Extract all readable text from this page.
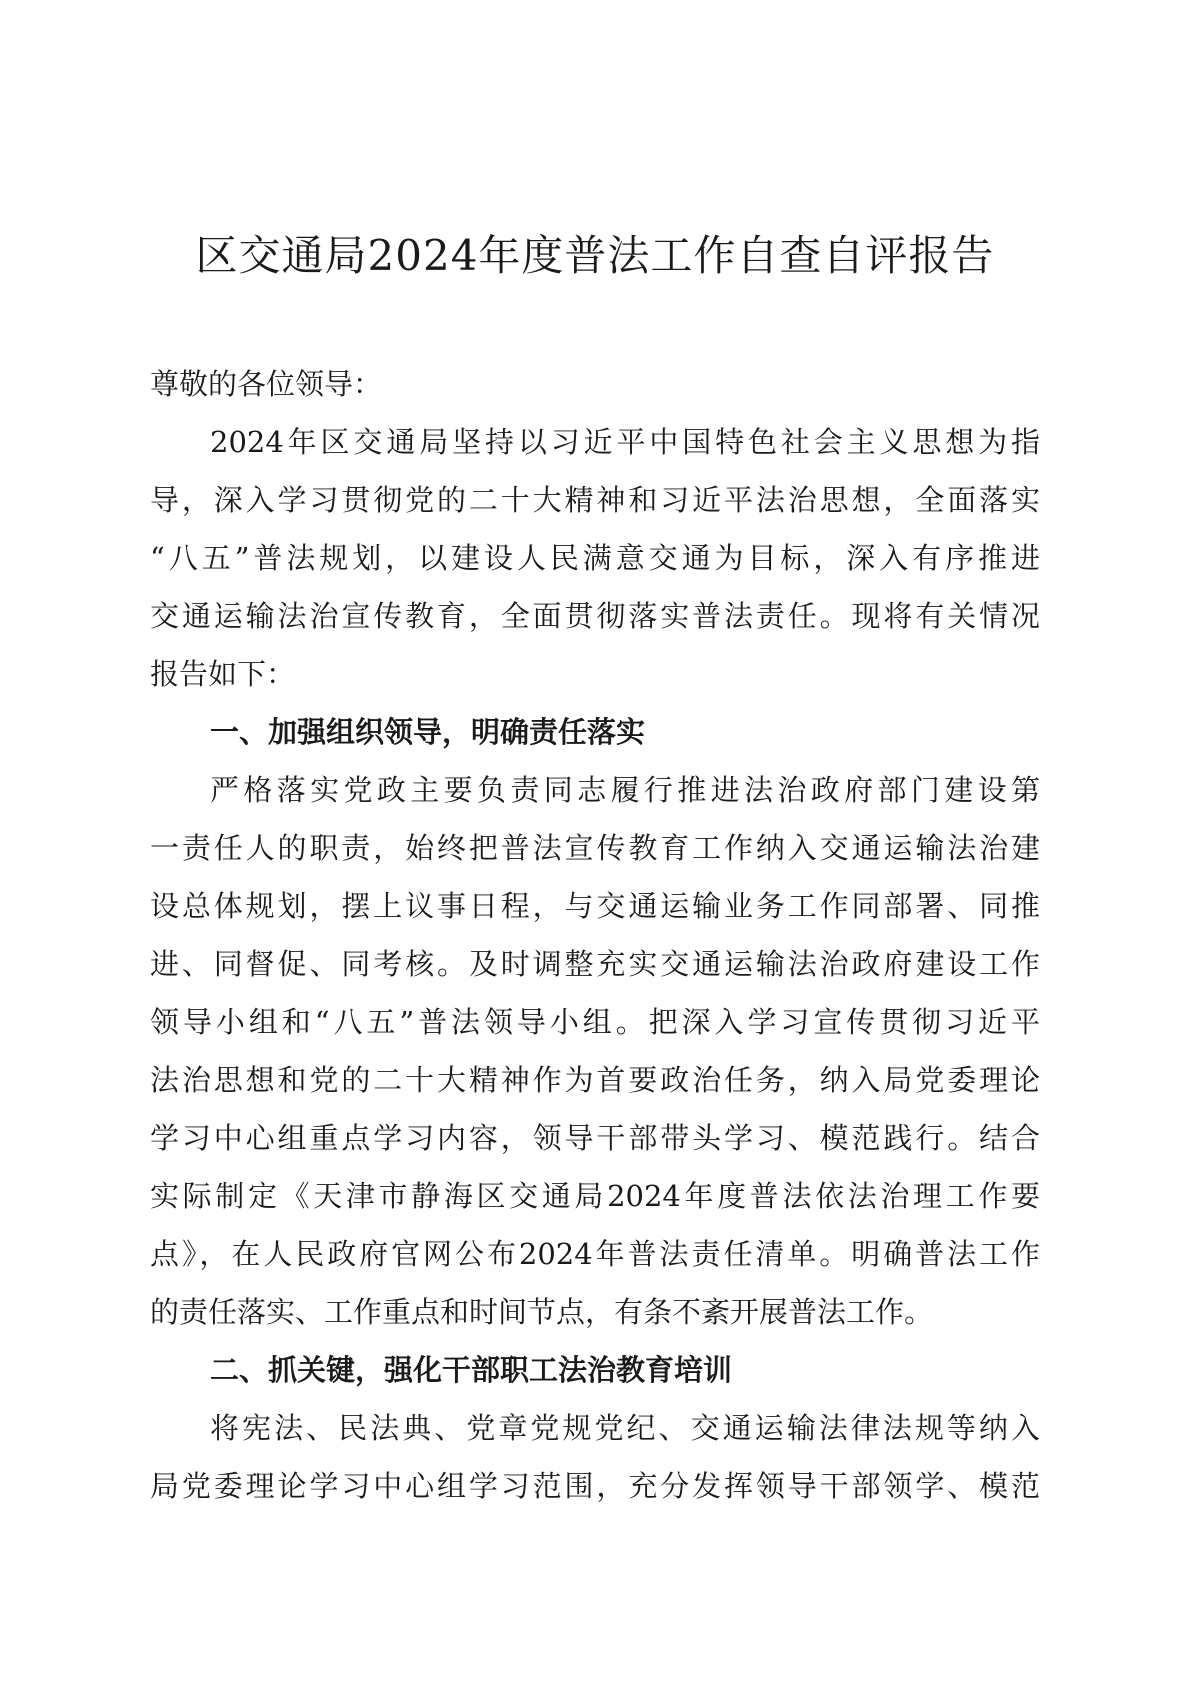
区交通局2024年度普法工作自查自评报告

尊敬的各位领导：

2024年区交通局坚持以习近平中国特色社会主义思想为指

导，深入学习贯彻党的二十大精神和习近平法治思想，全面落实

“八五”普法规划，以建设人民满意交通为目标，深入有序推进

交通运输法治宣传教育，全面贯彻落实普法责任。现将有关情况

报告如下：

一、加强组织领导，明确责任落实

严格落实党政主要负责同志履行推进法治政府部门建设第

一责任人的职责，始终把普法宣传教育工作纳入交通运输法治建

设总体规划，摆上议事日程，与交通运输业务工作同部署、同推

进、同督促、同考核。及时调整充实交通运输法治政府建设工作

领导小组和“八五”普法领导小组。把深入学习宣传贯彻习近平

法治思想和党的二十大精神作为首要政治任务，纳入局党委理论

学习中心组重点学习内容，领导干部带头学习、模范践行。结合

实际制定《天津市静海区交通局2024年度普法依法治理工作要

点》，在人民政府官网公布2024年普法责任清单。明确普法工作

的责任落实、工作重点和时间节点，有条不紊开展普法工作。

二、抓关键，强化干部职工法治教育培训

将宪法、民法典、党章党规党纪、交通运输法律法规等纳入

局党委理论学习中心组学习范围，充分发挥领导干部领学、模范
